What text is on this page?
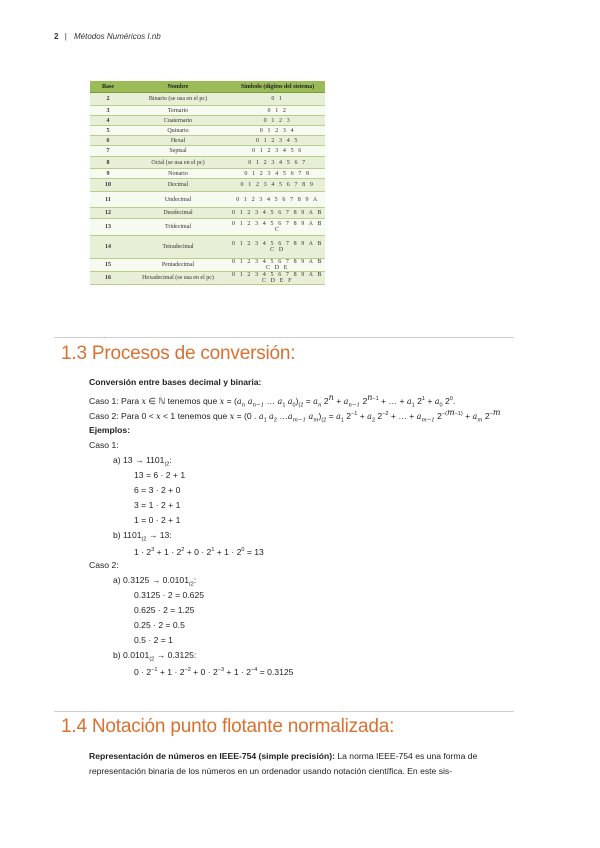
2 | Métodos Numéricos I.nb
Base	Nombre	Símbolo (dígitos del sistema)
2	Binario (se usa en el pc)	0 1
3	Ternario	0 1 2
4	Cuaternario	0 1 2 3
5	Quinario	0 1 2 3 4
6	Hexal	0 1 2 3 4 5
7	Septsal	0 1 2 3 4 5 6
8	Octal (se usa en el pc)	0 1 2 3 4 5 6 7
9	Nonario	0 1 2 3 4 5 6 7 8
10	Decimal	0 1 2 3 4 5 6 7 8 9
11	Undecimal	0 1 2 3 4 5 6 7 8 9 A
12	Duodecimal	0 1 2 3 4 5 6 7 8 9 A B
13	Tridecimal	0 1 2 3 4 5 6 7 8 9 A B C
14	Tetradecimal	0 1 2 3 4 5 6 7 8 9 A B C D
15	Pentadecimal	0 1 2 3 4 5 6 7 8 9 A B C D E
16	Hexadecimal (se usa en el pc)	0 1 2 3 4 5 6 7 8 9 A B C D E F
1.3 Procesos de conversión:
Conversión entre bases decimal y binaria:
Caso 1: Para x ∈ ℕ tenemos que $x = (a_n$ $a_{n-1}$ … $a_1$ $a_0)_{(2} = a_n$ $2^n + a_{n-1}$ $2^{n-1}$ + … + $a_1$ $2^1 + a_0$ $2^0$.
Caso 2: Para 0 < x < 1 tenemos que x = (0 . $a_1$ $a_2$ $\dots a_{m-1}$ $a_m)_{(2} = a_1$ $2^{-1} + a_2$ $2^{-2}$ + … + $a_{m-1}$ $2^{-(m-1)} + a_m$ $2^{-m}$
Ejemplos:
Caso 1:
a) $13 \to 1101_{(2}$:
13 = 6 · 2 + 1
6 = 3 · 2 + 0
3 = 1 · 2 + 1
1 = 0 · 2 + 1
b) $1101_{(2} \to 13$:
$1 \cdot 2^3 + 1 \cdot 2^2 + 0 \cdot 2^1 + 1 \cdot 2^0 = 13$
Caso 2:
a) $0.3125 \to 0.0101_{(2}$:
0.3125 · 2 = 0.625
0.625 · 2 = 1.25
0.25 · 2 = 0.5
0.5 · 2 = 1
b) $0.0101_{(2} \to 0.3125$:
$0 \cdot 2^{-1} + 1 \cdot 2^{-2} + 0 \cdot 2^{-3} + 1 \cdot 2^{-4} = 0.3125$
1.4 Notación punto flotante normalizada:
Representación de números en IEEE-754 (simple precisión): La norma IEEE-754 es una forma de
representación binaria de los números en un ordenador usando notación científica. En este sis-
